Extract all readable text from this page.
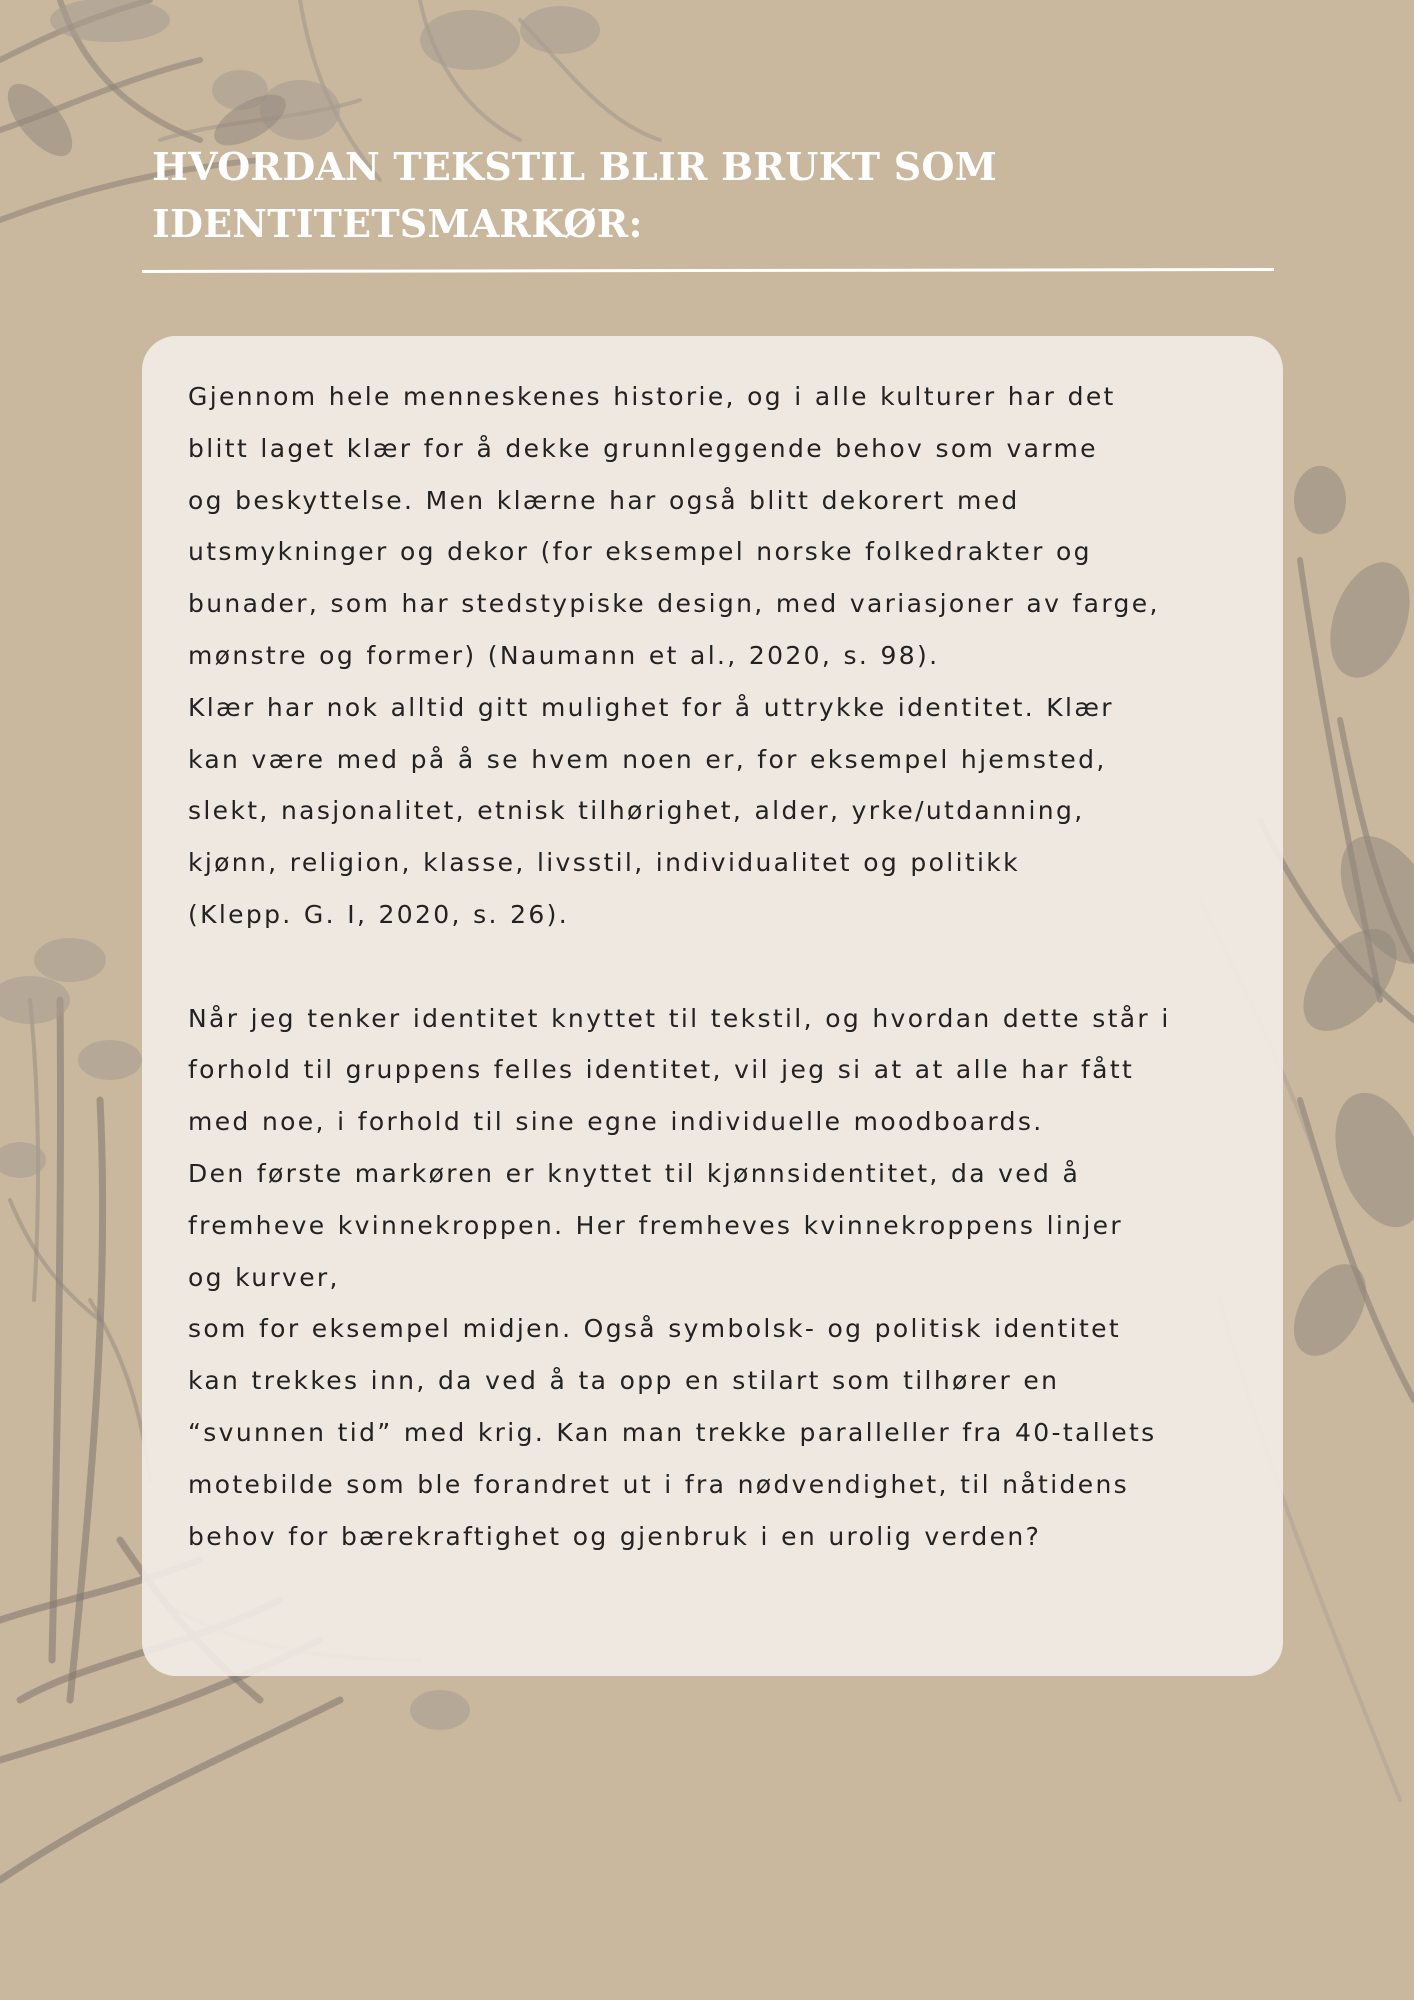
HVORDAN TEKSTIL BLIR BRUKT SOM
IDENTITETSMARKØR:

Gjennom hele menneskenes historie, og i alle kulturer har det
blitt laget klær for å dekke grunnleggende behov som varme
og beskyttelse. Men klærne har også blitt dekorert med
utsmykninger og dekor (for eksempel norske folkedrakter og
bunader, som har stedstypiske design, med variasjoner av farge,
mønstre og former) (Naumann et al., 2020, s. 98).
Klær har nok alltid gitt mulighet for å uttrykke identitet. Klær
kan være med på å se hvem noen er, for eksempel hjemsted,
slekt, nasjonalitet, etnisk tilhørighet, alder, yrke/utdanning,
kjønn, religion, klasse, livsstil, individualitet og politikk
(Klepp. G. I, 2020, s. 26).
Når jeg tenker identitet knyttet til tekstil, og hvordan dette står i
forhold til gruppens felles identitet, vil jeg si at at alle har fått
med noe, i forhold til sine egne individuelle moodboards.
Den første markøren er knyttet til kjønnsidentitet, da ved å
fremheve kvinnekroppen. Her fremheves kvinnekroppens linjer
og kurver,
som for eksempel midjen. Også symbolsk- og politisk identitet
kan trekkes inn, da ved å ta opp en stilart som tilhører en
“svunnen tid” med krig. Kan man trekke paralleller fra 40-tallets
motebilde som ble forandret ut i fra nødvendighet, til nåtidens
behov for bærekraftighet og gjenbruk i en urolig verden?
